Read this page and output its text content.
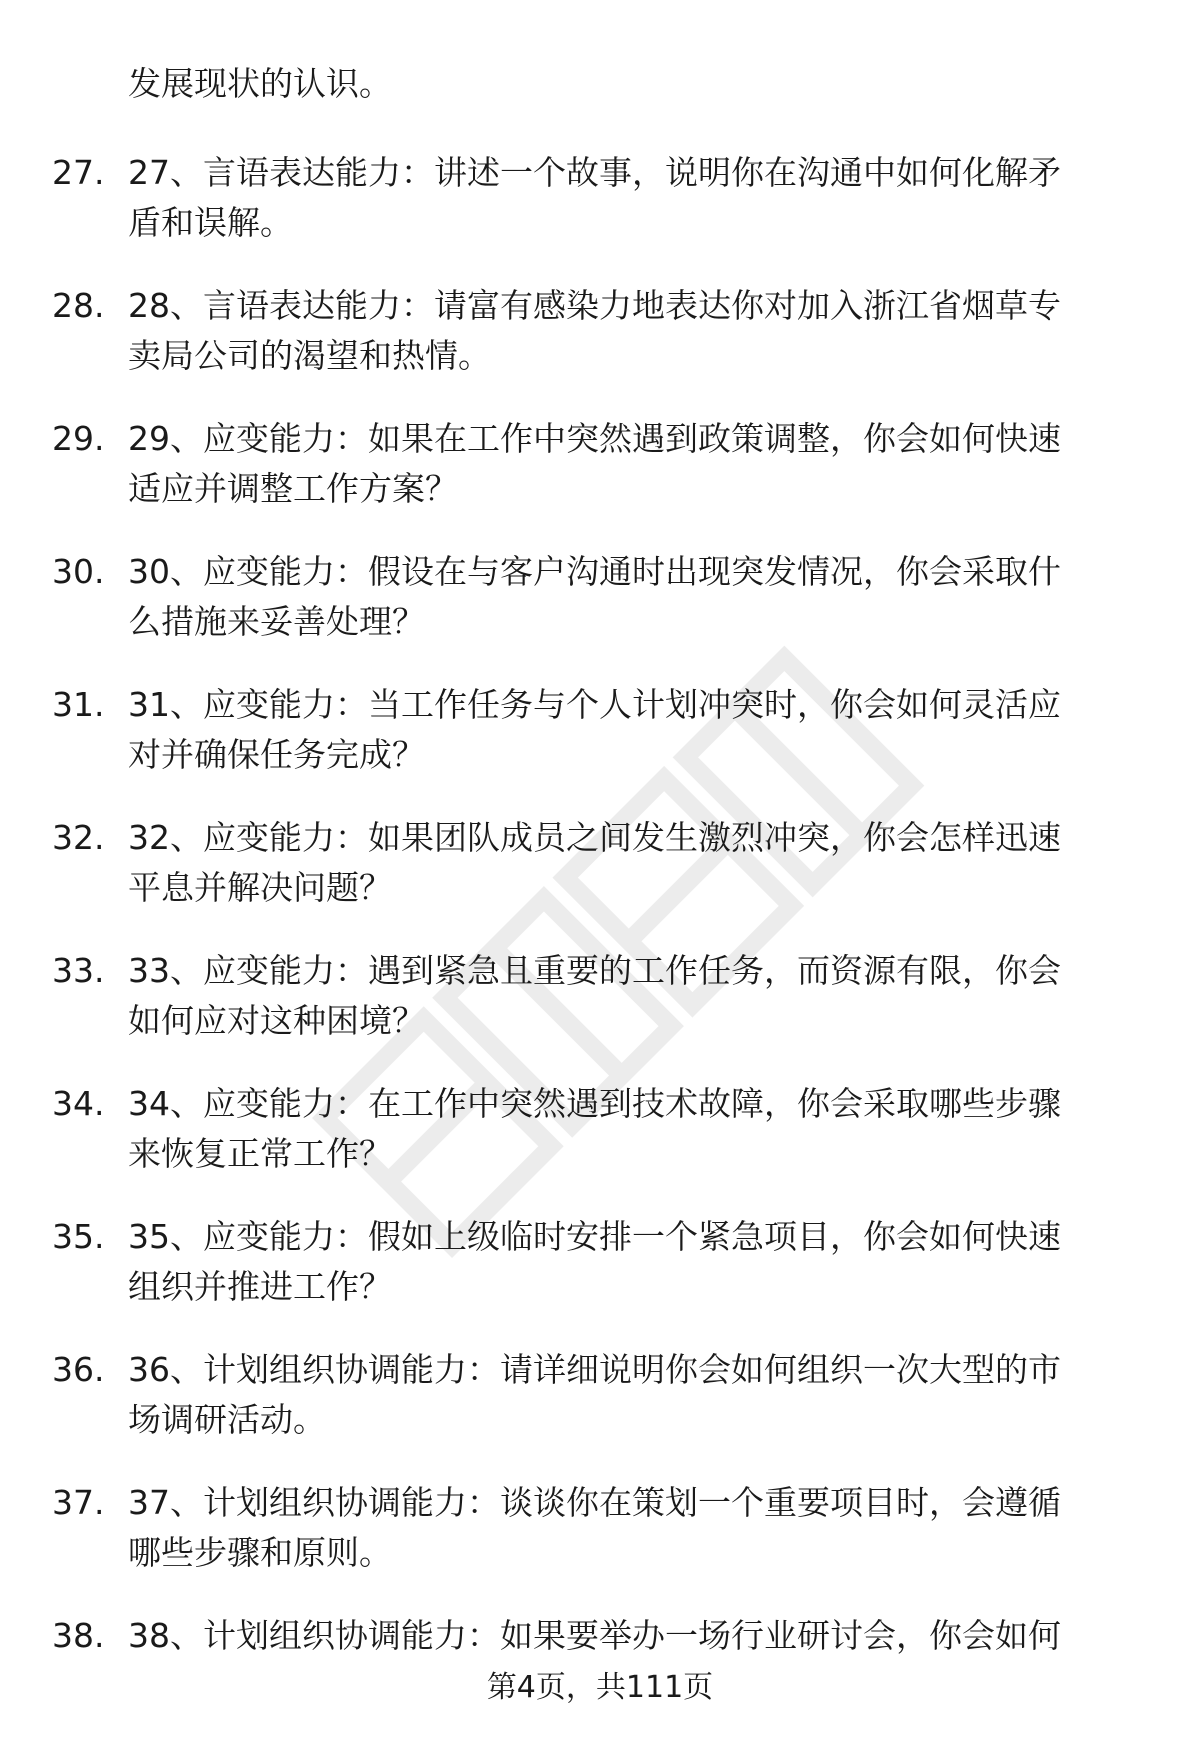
发展现状的认识。
27. 27、言语表达能力：讲述一个故事，说明你在沟通中如何化解矛
盾和误解。
28. 28、言语表达能力：请富有感染力地表达你对加入浙江省烟草专
卖局公司的渴望和热情。
29. 29、应变能力：如果在工作中突然遇到政策调整，你会如何快速
适应并调整工作方案？
30. 30、应变能力：假设在与客户沟通时出现突发情况，你会采取什
么措施来妥善处理？
31. 31、应变能力：当工作任务与个人计划冲突时，你会如何灵活应
对并确保任务完成？
32. 32、应变能力：如果团队成员之间发生激烈冲突，你会怎样迅速
平息并解决问题？
33. 33、应变能力：遇到紧急且重要的工作任务，而资源有限，你会
如何应对这种困境？
34. 34、应变能力：在工作中突然遇到技术故障，你会采取哪些步骤
来恢复正常工作？
35. 35、应变能力：假如上级临时安排一个紧急项目，你会如何快速
组织并推进工作？
36. 36、计划组织协调能力：请详细说明你会如何组织一次大型的市
场调研活动。
37. 37、计划组织协调能力：谈谈你在策划一个重要项目时，会遵循
哪些步骤和原则。
38. 38、计划组织协调能力：如果要举办一场行业研讨会，你会如何
第4页，共111页
